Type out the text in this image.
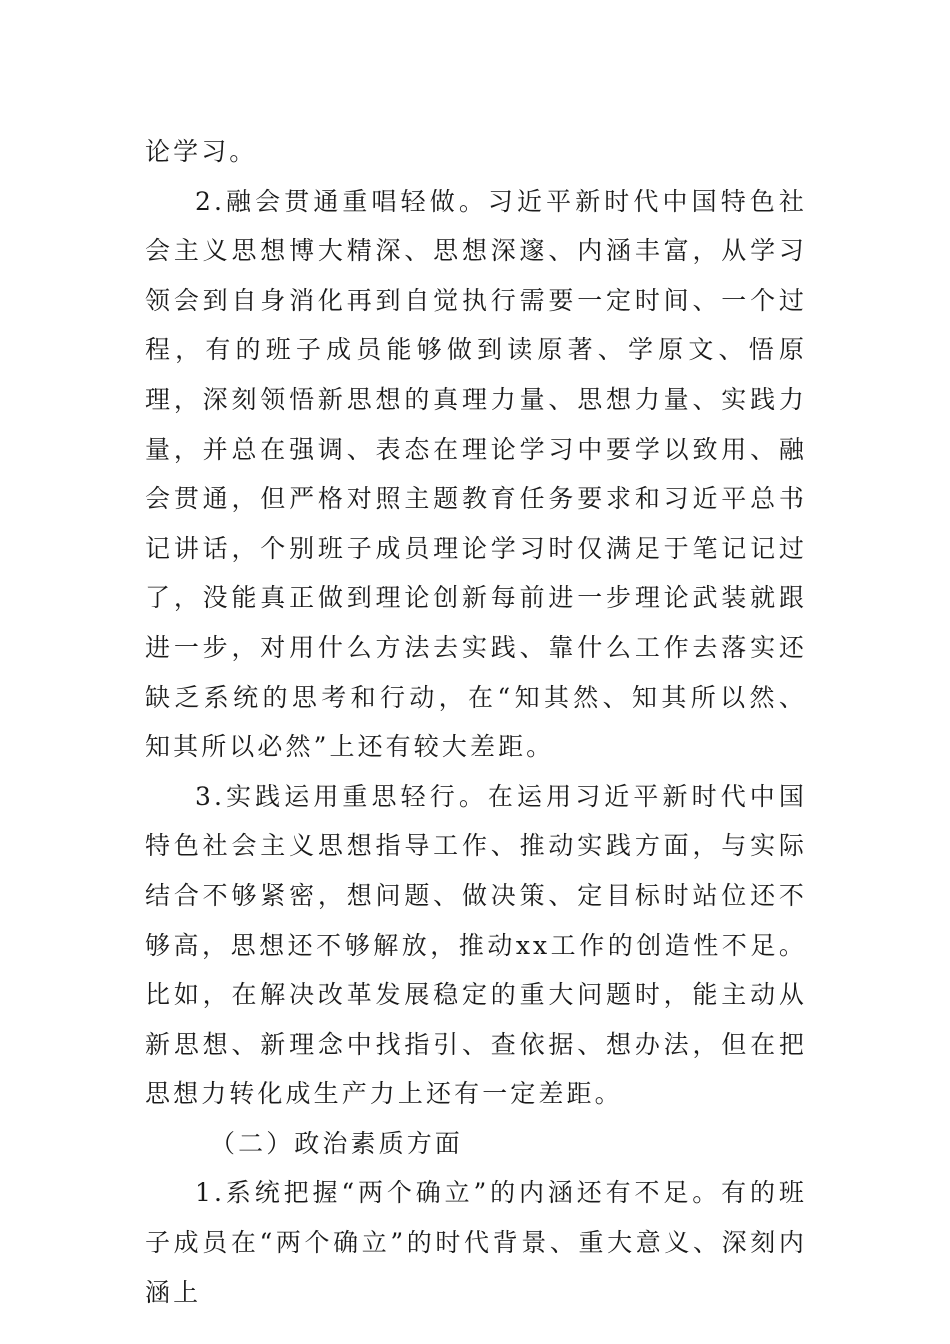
论学习。

2.融会贯通重唱轻做。习近平新时代中国特色社会主义思想博大精深、思想深邃、内涵丰富，从学习领会到自身消化再到自觉执行需要一定时间、一个过程，有的班子成员能够做到读原著、学原文、悟原理，深刻领悟新思想的真理力量、思想力量、实践力量，并总在强调、表态在理论学习中要学以致用、融会贯通，但严格对照主题教育任务要求和习近平总书记讲话，个别班子成员理论学习时仅满足于笔记记过了，没能真正做到理论创新每前进一步理论武装就跟进一步，对用什么方法去实践、靠什么工作去落实还缺乏系统的思考和行动，在“知其然、知其所以然、知其所以必然”上还有较大差距。

3.实践运用重思轻行。在运用习近平新时代中国特色社会主义思想指导工作、推动实践方面，与实际结合不够紧密，想问题、做决策、定目标时站位还不够高，思想还不够解放，推动xx工作的创造性不足。比如，在解决改革发展稳定的重大问题时，能主动从新思想、新理念中找指引、查依据、想办法，但在把思想力转化成生产力上还有一定差距。

（二）政治素质方面

1.系统把握“两个确立”的内涵还有不足。有的班子成员在“两个确立”的时代背景、重大意义、深刻内涵上
